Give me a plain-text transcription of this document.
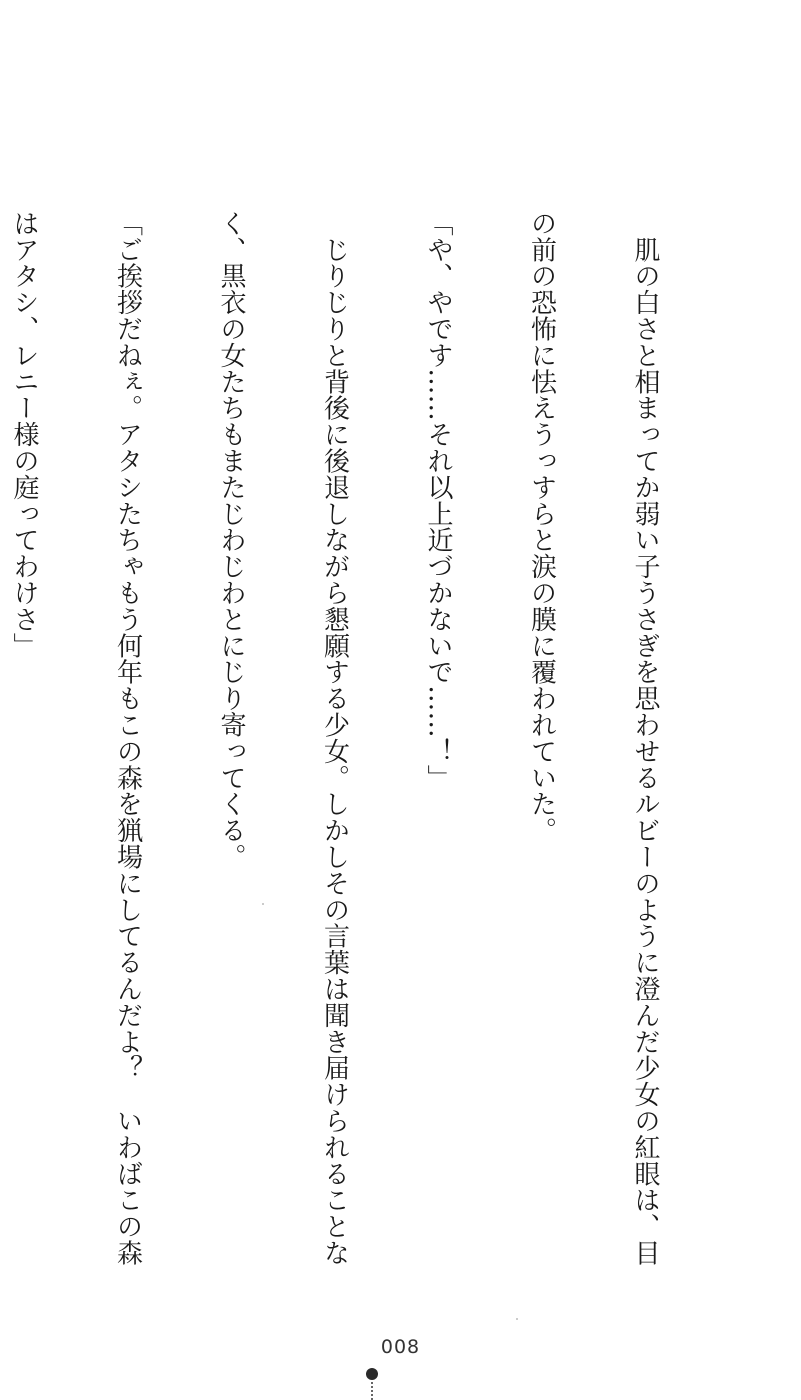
　肌の白さと相まってか弱い子うさぎを思わせるルビーのように澄んだ少女の紅眼は、目

の前の恐怖に怯えうっすらと涙の膜に覆われていた。

「や、やです……それ以上近づかないで……！」

　じりじりと背後に後退しながら懇願する少女。しかしその言葉は聞き届けられることな

く、黒衣の女たちもまたじわじわとにじり寄ってくる。

「ご挨拶だねぇ。アタシたちゃもう何年もこの森を猟場にしてるんだよ？　いわばこの森

はアタシ、レニー様の庭ってわけさ」

008
